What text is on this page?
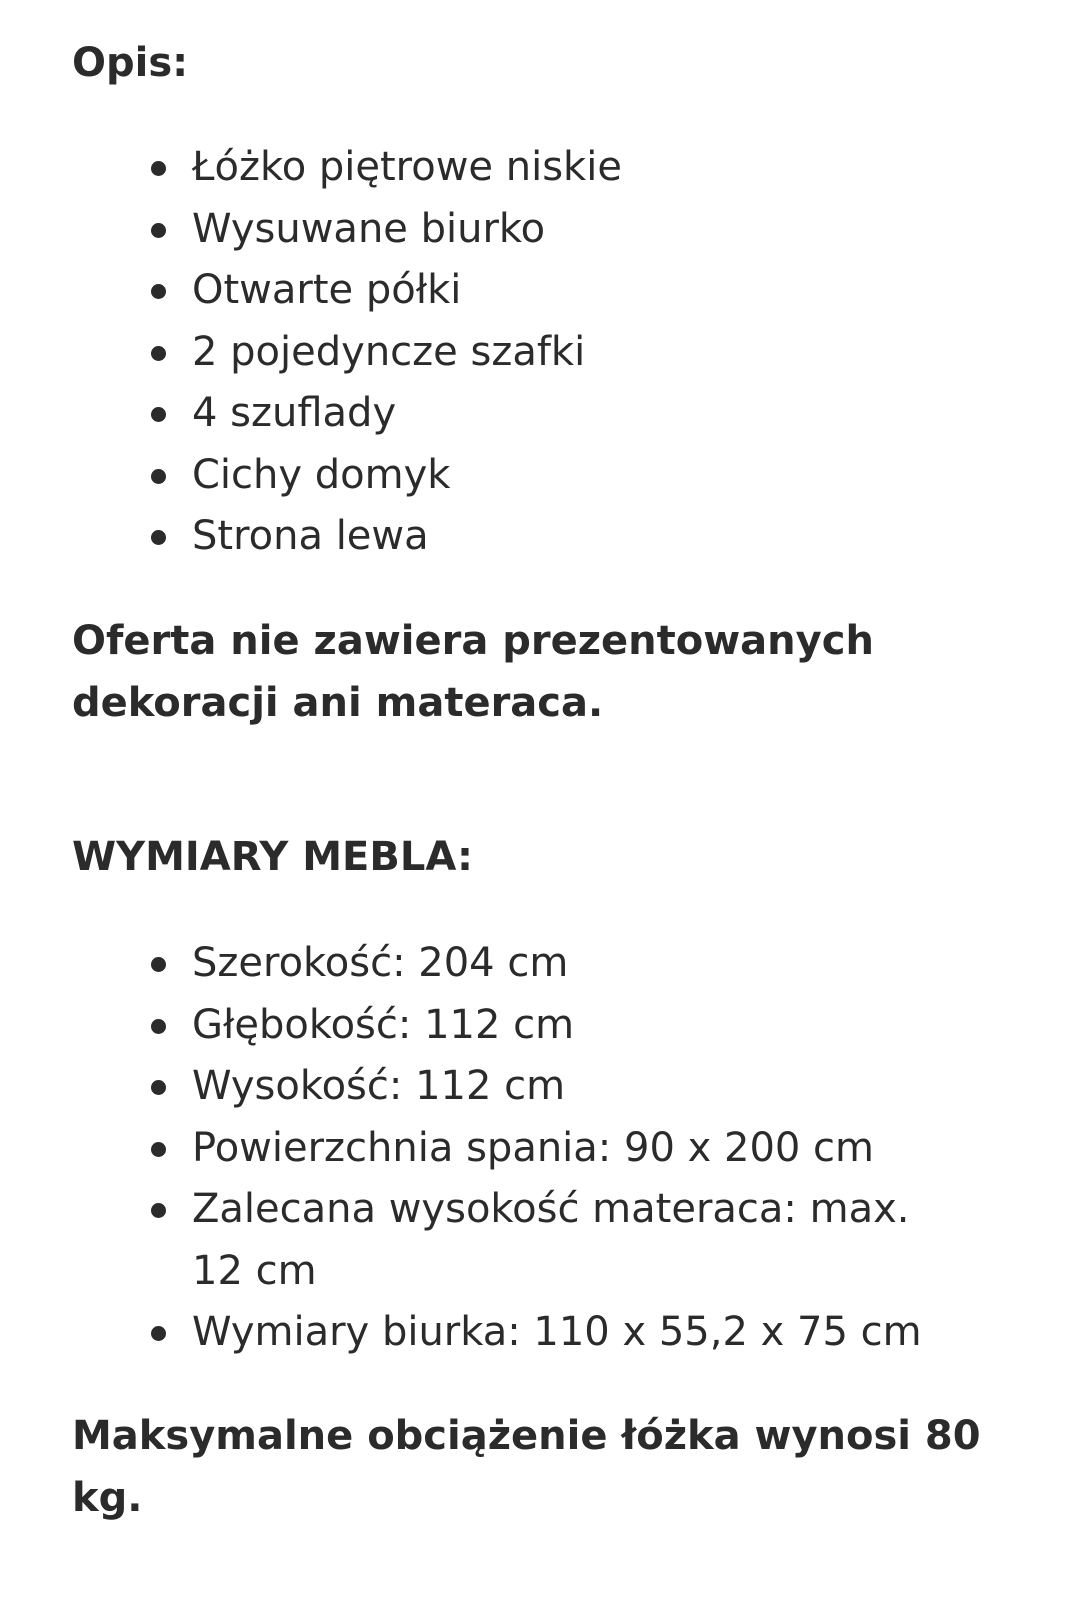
Opis:
Łóżko piętrowe niskie
Wysuwane biurko
Otwarte półki
2 pojedyncze szafki
4 szuflady
Cichy domyk
Strona lewa

Oferta nie zawiera prezentowanych dekoracji ani materaca.

WYMIARY MEBLA:
Szerokość: 204 cm
Głębokość: 112 cm
Wysokość: 112 cm
Powierzchnia spania: 90 x 200 cm
Zalecana wysokość materaca: max. 12 cm
Wymiary biurka: 110 x 55,2 x 75 cm

Maksymalne obciążenie łóżka wynosi 80 kg.
